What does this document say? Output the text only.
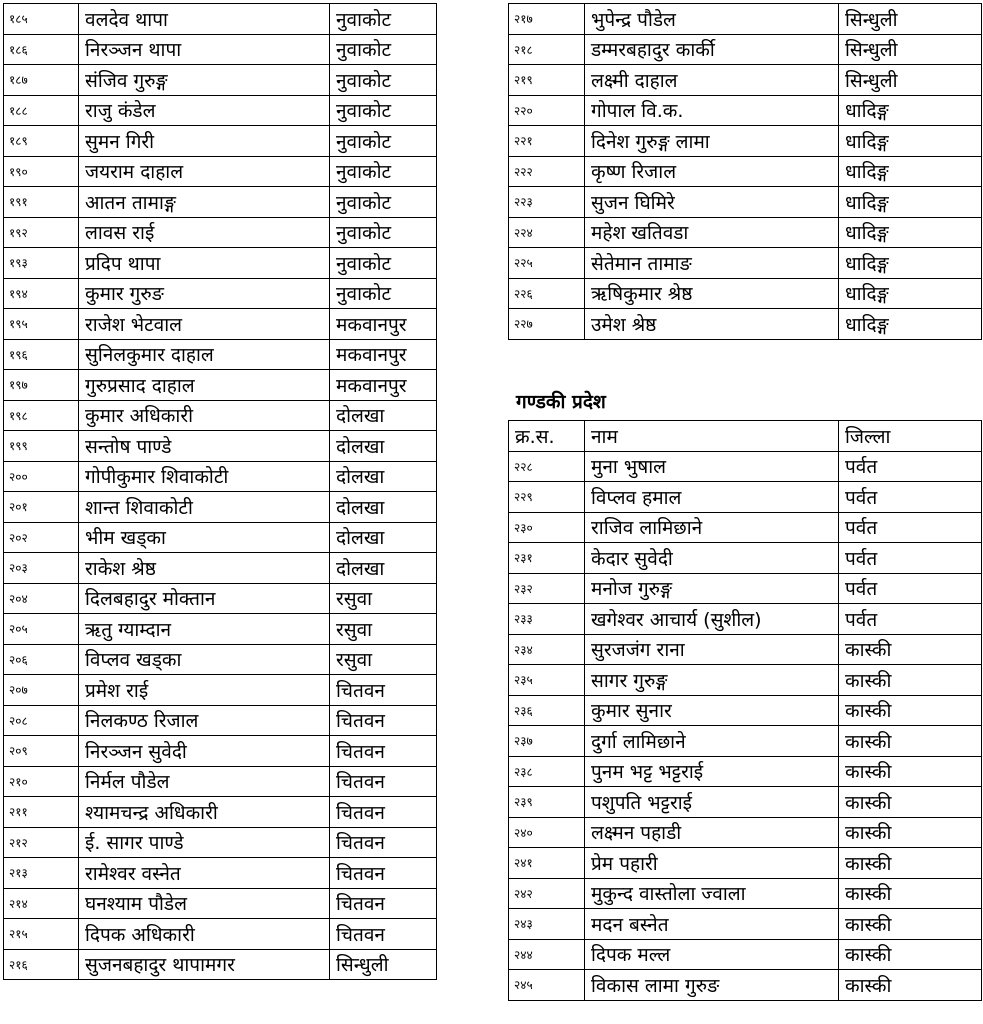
१८५	वलदेव थापा	नुवाकोट
१८६	निरञ्जन थापा	नुवाकोट
१८७	संजिव गुरुङ्ग	नुवाकोट
१८८	राजु कंडेल	नुवाकोट
१८९	सुमन गिरी	नुवाकोट
१९०	जयराम दाहाल	नुवाकोट
१९१	आतन तामाङ्ग	नुवाकोट
१९२	लावस राई	नुवाकोट
१९३	प्रदिप थापा	नुवाकोट
१९४	कुमार गुरुङ	नुवाकोट
१९५	राजेश भेटवाल	मकवानपुर
१९६	सुनिलकुमार दाहाल	मकवानपुर
१९७	गुरुप्रसाद दाहाल	मकवानपुर
१९८	कुमार अधिकारी	दोलखा
१९९	सन्तोष पाण्डे	दोलखा
२००	गोपीकुमार शिवाकोटी	दोलखा
२०१	शान्त शिवाकोटी	दोलखा
२०२	भीम खड्का	दोलखा
२०३	राकेश श्रेष्ठ	दोलखा
२०४	दिलबहादुर मोक्तान	रसुवा
२०५	ऋतु ग्याम्दान	रसुवा
२०६	विप्लव खड्का	रसुवा
२०७	प्रमेश राई	चितवन
२०८	निलकण्ठ रिजाल	चितवन
२०९	निरञ्जन सुवेदी	चितवन
२१०	निर्मल पौडेल	चितवन
२११	श्यामचन्द्र अधिकारी	चितवन
२१२	ई. सागर पाण्डे	चितवन
२१३	रामेश्वर वस्नेत	चितवन
२१४	घनश्याम पौडेल	चितवन
२१५	दिपक अधिकारी	चितवन
२१६	सुजनबहादुर थापामगर	सिन्धुली
२१७	भुपेन्द्र पौडेल	सिन्धुली
२१८	डम्मरबहादुर कार्की	सिन्धुली
२१९	लक्ष्मी दाहाल	सिन्धुली
२२०	गोपाल वि.क.	धादिङ्ग
२२१	दिनेश गुरुङ्ग लामा	धादिङ्ग
२२२	कृष्ण रिजाल	धादिङ्ग
२२३	सुजन घिमिरे	धादिङ्ग
२२४	महेश खतिवडा	धादिङ्ग
२२५	सेतेमान तामाङ	धादिङ्ग
२२६	ऋषिकुमार श्रेष्ठ	धादिङ्ग
२२७	उमेश श्रेष्ठ	धादिङ्ग
गण्डकी प्रदेश
क्र.स.	नाम	जिल्ला
२२८	मुना भुषाल	पर्वत
२२९	विप्लव हमाल	पर्वत
२३०	राजिव लामिछाने	पर्वत
२३१	केदार सुवेदी	पर्वत
२३२	मनोज गुरुङ्ग	पर्वत
२३३	खगेश्वर आचार्य (सुशील)	पर्वत
२३४	सुरजजंग राना	कास्की
२३५	सागर गुरुङ्ग	कास्की
२३६	कुमार सुनार	कास्की
२३७	दुर्गा लामिछाने	कास्की
२३८	पुनम भट्ट भट्टराई	कास्की
२३९	पशुपति भट्टराई	कास्की
२४०	लक्ष्मन पहाडी	कास्की
२४१	प्रेम पहारी	कास्की
२४२	मुकुन्द वास्तोला ज्वाला	कास्की
२४३	मदन बस्नेत	कास्की
२४४	दिपक मल्ल	कास्की
२४५	विकास लामा गुरुङ	कास्की
